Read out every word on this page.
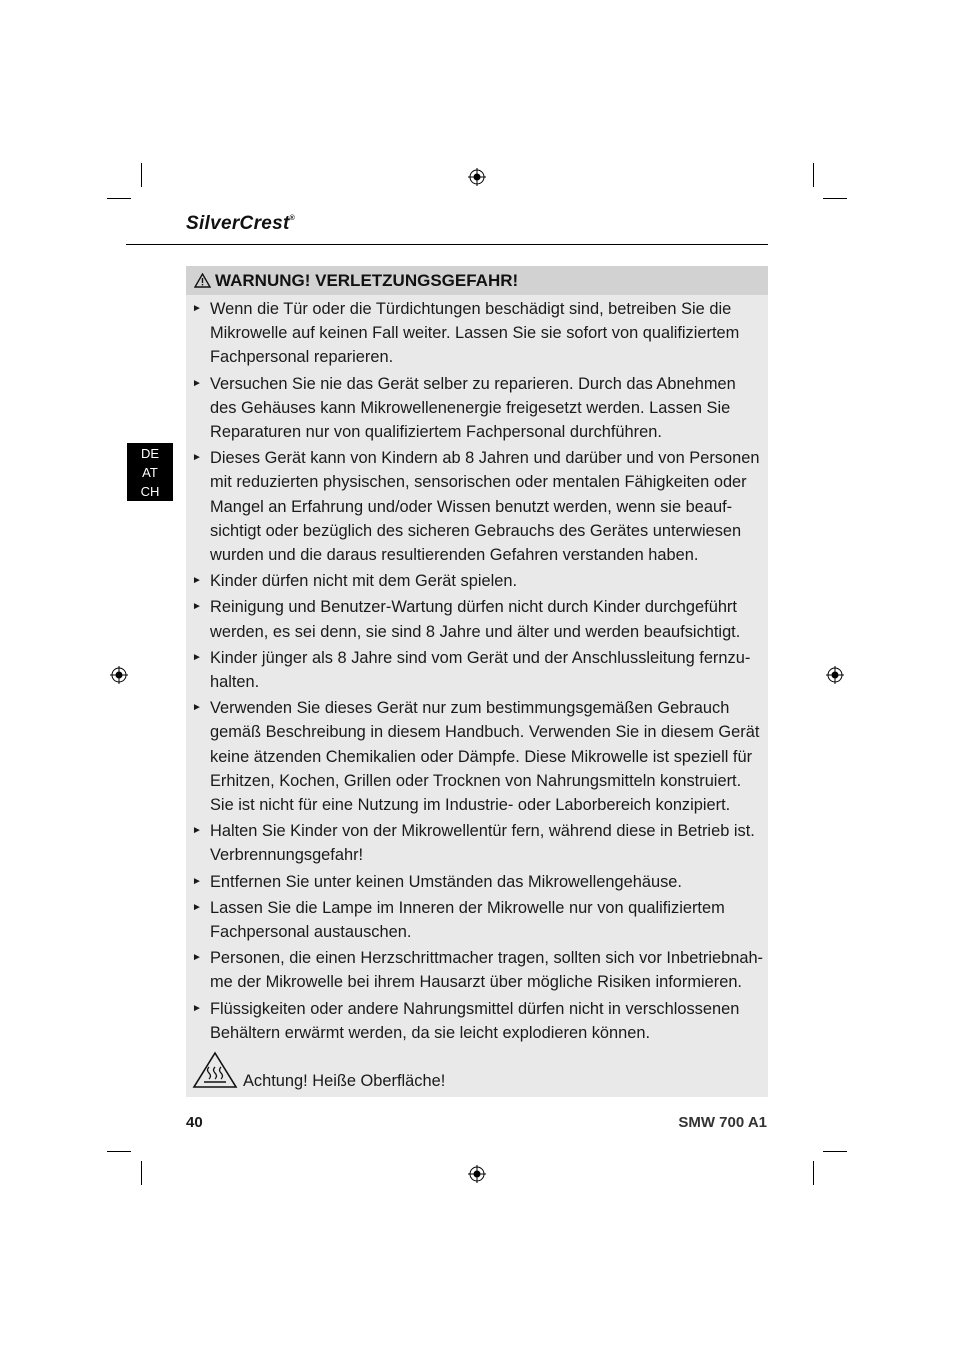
SilverCrest®
DE
AT
CH
WARNUNG! VERLETZUNGSGEFAHR!
► Wenn die Tür oder die Türdichtungen beschädigt sind, betreiben Sie die Mikrowelle auf keinen Fall weiter. Lassen Sie sie sofort von qualifiziertem Fachpersonal reparieren.
► Versuchen Sie nie das Gerät selber zu reparieren. Durch das Abnehmen des Gehäuses kann Mikrowellenenergie freigesetzt werden. Lassen Sie Reparaturen nur von qualifiziertem Fachpersonal durchführen.
► Dieses Gerät kann von Kindern ab 8 Jahren und darüber und von Personen mit reduzierten physischen, sensorischen oder mentalen Fähigkeiten oder Mangel an Erfahrung und/oder Wissen benutzt werden, wenn sie beauf-sichtigt oder bezüglich des sicheren Gebrauchs des Gerätes unterwiesen wurden und die daraus resultierenden Gefahren verstanden haben.
► Kinder dürfen nicht mit dem Gerät spielen.
► Reinigung und Benutzer-Wartung dürfen nicht durch Kinder durchgeführt werden, es sei denn, sie sind 8 Jahre und älter und werden beaufsichtigt.
► Kinder jünger als 8 Jahre sind vom Gerät und der Anschlussleitung fernzu-halten.
► Verwenden Sie dieses Gerät nur zum bestimmungsgemäßen Gebrauch gemäß Beschreibung in diesem Handbuch. Verwenden Sie in diesem Gerät keine ätzenden Chemikalien oder Dämpfe. Diese Mikrowelle ist speziell für Erhitzen, Kochen, Grillen oder Trocknen von Nahrungsmitteln konstruiert. Sie ist nicht für eine Nutzung im Industrie- oder Laborbereich konzipiert.
► Halten Sie Kinder von der Mikrowellentür fern, während diese in Betrieb ist. Verbrennungsgefahr!
► Entfernen Sie unter keinen Umständen das Mikrowellengehäuse.
► Lassen Sie die Lampe im Inneren der Mikrowelle nur von qualifiziertem Fachpersonal austauschen.
► Personen, die einen Herzschrittmacher tragen, sollten sich vor Inbetriebnah-me der Mikrowelle bei ihrem Hausarzt über mögliche Risiken informieren.
► Flüssigkeiten oder andere Nahrungsmittel dürfen nicht in verschlossenen Behältern erwärmt werden, da sie leicht explodieren können.
Achtung! Heiße Oberfläche!
40	SMW 700 A1
